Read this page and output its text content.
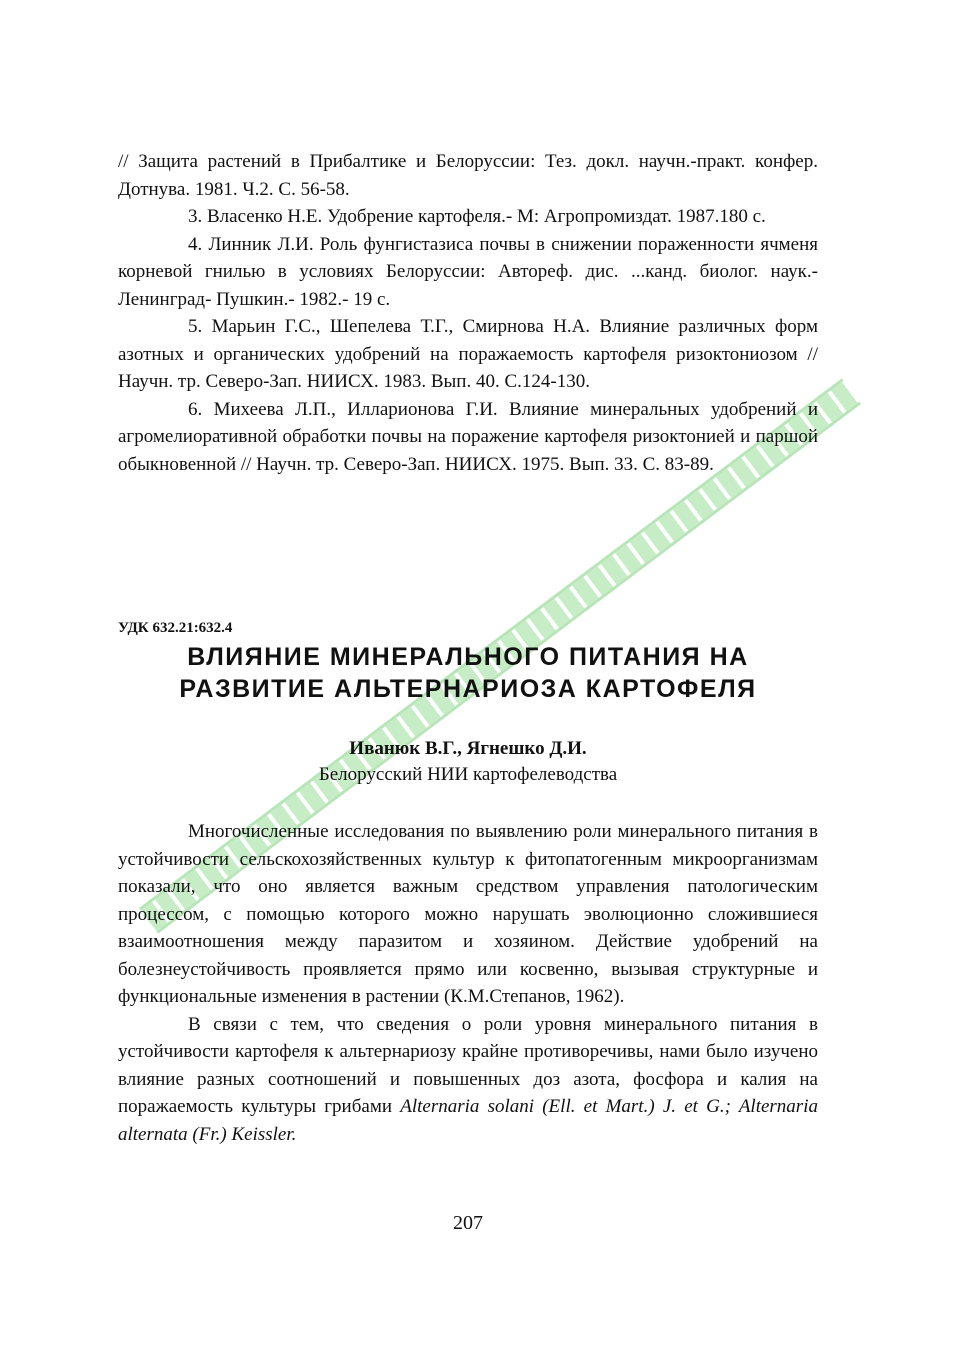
// Защита растений в Прибалтике и Белоруссии: Тез. докл. научн.-практ. конфер. Дотнува. 1981. Ч.2. С. 56-58.

3. Власенко Н.Е. Удобрение картофеля.- М: Агропромиздат. 1987.180 с.

4. Линник Л.И. Роль фунгистазиса почвы в снижении пораженности ячменя корневой гнилью в условиях Белоруссии: Автореф. дис. ...канд. биолог. наук.- Ленинград- Пушкин.- 1982.- 19 с.

5. Марьин Г.С., Шепелева Т.Г., Смирнова Н.А. Влияние различных форм азотных и органических удобрений на поражаемость картофеля ризоктониозом // Научн. тр. Северо-Зап. НИИСХ. 1983. Вып. 40. С.124-130.

6. Михеева Л.П., Илларионова Г.И. Влияние минеральных удобрений и агромелиоративной обработки почвы на поражение картофеля ризоктонией и паршой обыкновенной // Научн. тр. Северо-Зап. НИИСХ. 1975. Вып. 33. С. 83-89.

УДК 632.21:632.4
ВЛИЯНИЕ МИНЕРАЛЬНОГО ПИТАНИЯ НА
РАЗВИТИЕ АЛЬТЕРНАРИОЗА КАРТОФЕЛЯ
Иванюк В.Г., Ягнешко Д.И.
Белорусский НИИ картофелеводства

Многочисленные исследования по выявлению роли минерального питания в устойчивости сельскохозяйственных культур к фитопатогенным микроорганизмам показали, что оно является важным средством управления патологическим процессом, с помощью которого можно нарушать эволюционно сложившиеся взаимоотношения между паразитом и хозяином. Действие удобрений на болезнеустойчивость проявляется прямо или косвенно, вызывая структурные и функциональные изменения в растении (К.М.Степанов, 1962).

В связи с тем, что сведения о роли уровня минерального питания в устойчивости картофеля к альтернариозу крайне противоречивы, нами было изучено влияние разных соотношений и повышенных доз азота, фосфора и калия на поражаемость культуры грибами Alternaria solani (Ell. et Mart.) J. et G.; Alternaria alternata (Fr.) Keissler.

207
